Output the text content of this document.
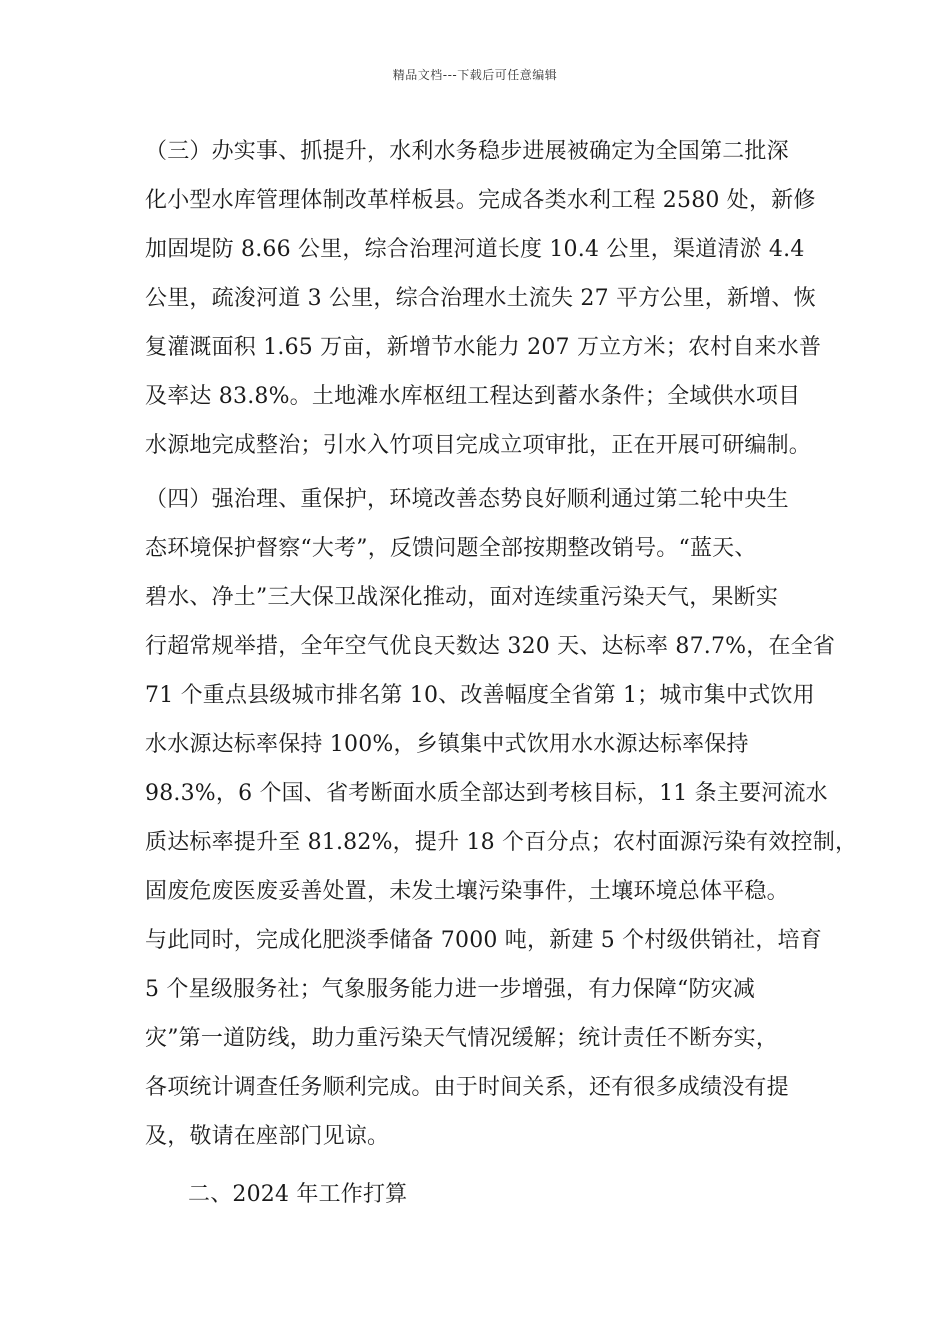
精品文档---下载后可任意编辑
（三）办实事、抓提升，水利水务稳步进展被确定为全国第二批深
化小型水库管理体制改革样板县。完成各类水利工程 2580 处，新修
加固堤防 8.66 公里，综合治理河道长度 10.4 公里，渠道清淤 4.4
公里，疏浚河道 3 公里，综合治理水土流失 27 平方公里，新增、恢
复灌溉面积 1.65 万亩，新增节水能力 207 万立方米；农村自来水普
及率达 83.8%。土地滩水库枢纽工程达到蓄水条件；全域供水项目
水源地完成整治；引水入竹项目完成立项审批，正在开展可研编制。
（四）强治理、重保护，环境改善态势良好顺利通过第二轮中央生
态环境保护督察“大考”，反馈问题全部按期整改销号。“蓝天、
碧水、净土”三大保卫战深化推动，面对连续重污染天气，果断实
行超常规举措，全年空气优良天数达 320 天、达标率 87.7%，在全省
71 个重点县级城市排名第 10、改善幅度全省第 1；城市集中式饮用
水水源达标率保持 100%，乡镇集中式饮用水水源达标率保持
98.3%，6 个国、省考断面水质全部达到考核目标，11 条主要河流水
质达标率提升至 81.82%，提升 18 个百分点；农村面源污染有效控制，
固废危废医废妥善处置，未发土壤污染事件，土壤环境总体平稳。
与此同时，完成化肥淡季储备 7000 吨，新建 5 个村级供销社，培育
5 个星级服务社；气象服务能力进一步增强，有力保障“防灾减
灾”第一道防线，助力重污染天气情况缓解；统计责任不断夯实，
各项统计调查任务顺利完成。由于时间关系，还有很多成绩没有提
及，敬请在座部门见谅。
二、2024 年工作打算
